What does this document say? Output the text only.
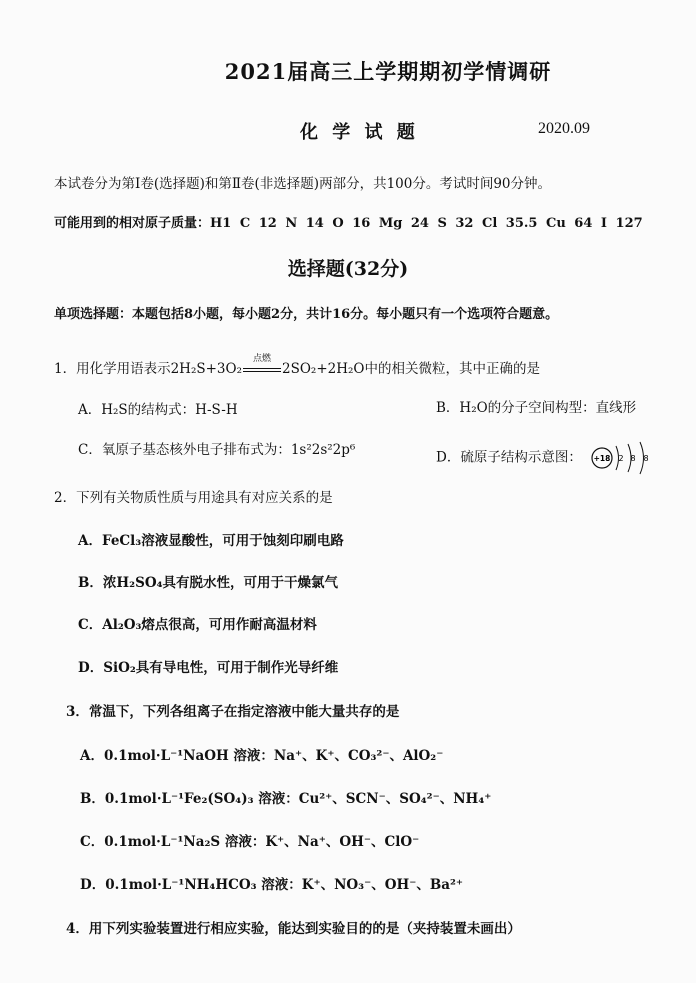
2021届高三上学期期初学情调研
化 学 试 题	2020.09
本试卷分为第Ⅰ卷(选择题)和第Ⅱ卷(非选择题)两部分，共100分。考试时间90分钟。
可能用到的相对原子质量：H1 C 12 N 14 O 16 Mg 24 S 32 Cl 35.5 Cu 64 I 127
选择题(32分)
单项选择题：本题包括8小题，每小题2分，共计16分。每小题只有一个选项符合题意。
1．用化学用语表示2H₂S+3O₂
点燃
2SO₂+2H₂O中的相关微粒，其中正确的是
A．H₂S的结构式：H-S-H	B．H₂O的分子空间构型：直线形
C．氧原子基态核外电子排布式为：1s²2s²2p⁶	D．硫原子结构示意图： +18 2 8 8
2．下列有关物质性质与用途具有对应关系的是
A．FeCl₃溶液显酸性，可用于蚀刻印刷电路
B．浓H₂SO₄具有脱水性，可用于干燥氯气
C．Al₂O₃熔点很高，可用作耐高温材料
D．SiO₂具有导电性，可用于制作光导纤维
3．常温下，下列各组离子在指定溶液中能大量共存的是
A．0.1mol·L⁻¹NaOH 溶液：Na⁺、K⁺、CO₃²⁻、AlO₂⁻
B．0.1mol·L⁻¹Fe₂(SO₄)₃ 溶液：Cu²⁺、SCN⁻、SO₄²⁻、NH₄⁺
C．0.1mol·L⁻¹Na₂S 溶液：K⁺、Na⁺、OH⁻、ClO⁻
D．0.1mol·L⁻¹NH₄HCO₃ 溶液：K⁺、NO₃⁻、OH⁻、Ba²⁺
4．用下列实验装置进行相应实验，能达到实验目的的是（夹持装置未画出）
